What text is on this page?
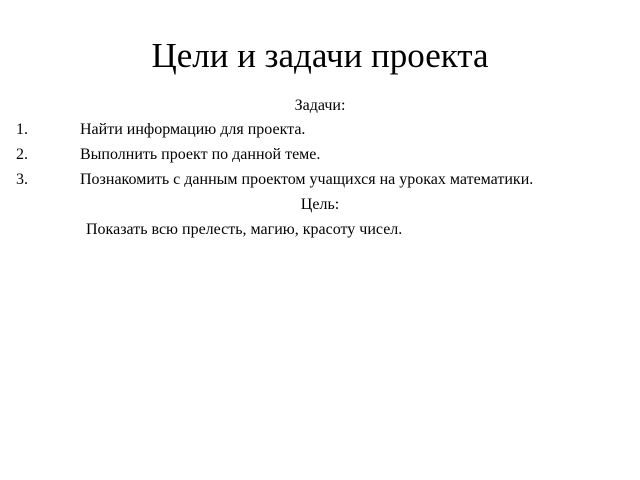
Цели и задачи проекта
Задачи:
1.	Найти информацию для проекта.
2.	Выполнить проект по данной теме.
3.	Познакомить с данным проектом учащихся на уроках математики.
Цель:
Показать всю прелесть, магию, красоту чисел.
